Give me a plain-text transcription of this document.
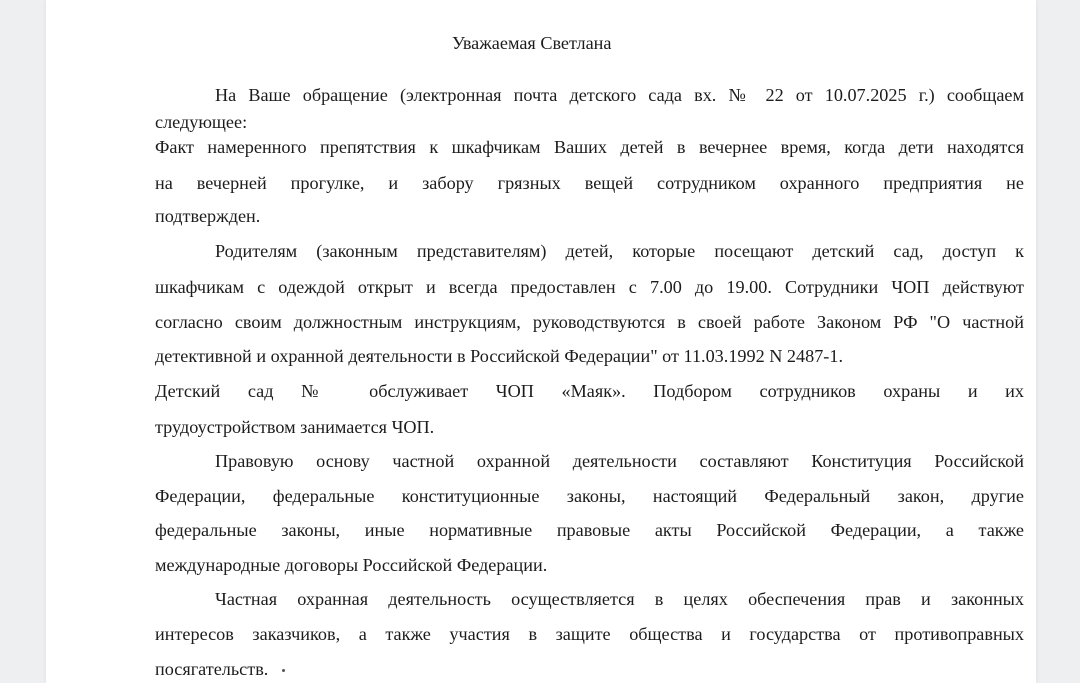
Уважаемая Светлана
На Ваше обращение (электронная почта детского сада вх. № 22 от 10.07.2025 г.) сообщаем
следующее:
Факт намеренного препятствия к шкафчикам Ваших детей в вечернее время, когда дети находятся
на вечерней прогулке, и забору грязных вещей сотрудником охранного предприятия не
подтвержден.
Родителям (законным представителям) детей, которые посещают детский сад, доступ к
шкафчикам с одеждой открыт и всегда предоставлен с 7.00 до 19.00. Сотрудники ЧОП действуют
согласно своим должностным инструкциям, руководствуются в своей работе Законом РФ "О частной
детективной и охранной деятельности в Российской Федерации" от 11.03.1992 N 2487-1.
Детский сад № обслуживает ЧОП «Маяк». Подбором сотрудников охраны и их
трудоустройством занимается ЧОП.
Правовую основу частной охранной деятельности составляют Конституция Российской
Федерации, федеральные конституционные законы, настоящий Федеральный закон, другие
федеральные законы, иные нормативные правовые акты Российской Федерации, а также
международные договоры Российской Федерации.
Частная охранная деятельность осуществляется в целях обеспечения прав и законных
интересов заказчиков, а также участия в защите общества и государства от противоправных
посягательств.
